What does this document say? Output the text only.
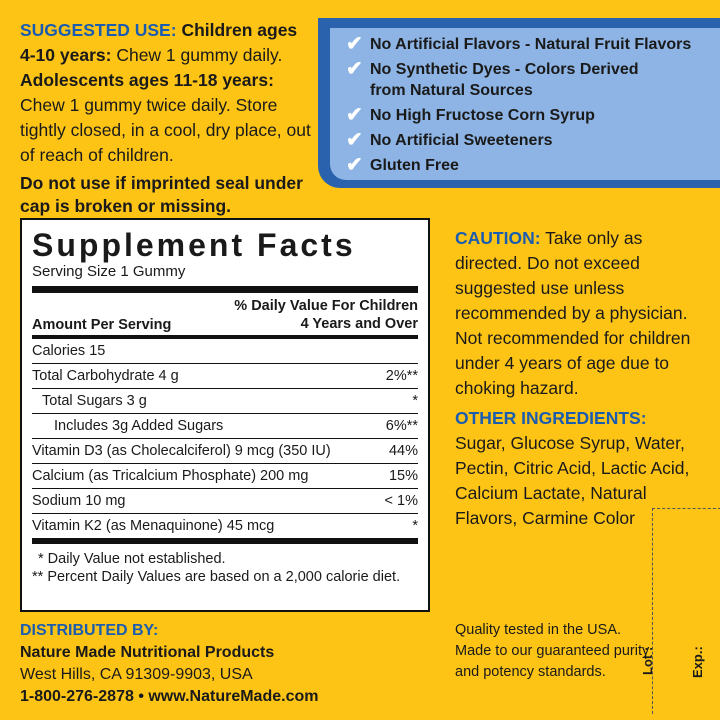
SUGGESTED USE: Children ages 4-10 years: Chew 1 gummy daily. Adolescents ages 11-18 years: Chew 1 gummy twice daily. Store tightly closed, in a cool, dry place, out of reach of children.
Do not use if imprinted seal under cap is broken or missing.
✔ No Artificial Flavors - Natural Fruit Flavors
✔ No Synthetic Dyes - Colors Derived from Natural Sources
✔ No High Fructose Corn Syrup
✔ No Artificial Sweeteners
✔ Gluten Free
Supplement Facts
Serving Size 1 Gummy
Amount Per Serving
% Daily Value For Children
4 Years and Over
Calories 15
Total Carbohydrate 4 g	2%**
Total Sugars 3 g	*
Includes 3g Added Sugars	6%**
Vitamin D3 (as Cholecalciferol) 9 mcg (350 IU)	44%
Calcium (as Tricalcium Phosphate) 200 mg	15%
Sodium 10 mg	< 1%
Vitamin K2 (as Menaquinone) 45 mcg	*
* Daily Value not established.
** Percent Daily Values are based on a 2,000 calorie diet.
CAUTION: Take only as directed. Do not exceed suggested use unless recommended by a physician. Not recommended for children under 4 years of age due to choking hazard.
OTHER INGREDIENTS:
Sugar, Glucose Syrup, Water, Pectin, Citric Acid, Lactic Acid, Calcium Lactate, Natural Flavors, Carmine Color
DISTRIBUTED BY:
Nature Made Nutritional Products
West Hills, CA 91309-9903, USA
1-800-276-2878 • www.NatureMade.com
Quality tested in the USA. Made to our guaranteed purity and potency standards.	Lot :	Exp.:
